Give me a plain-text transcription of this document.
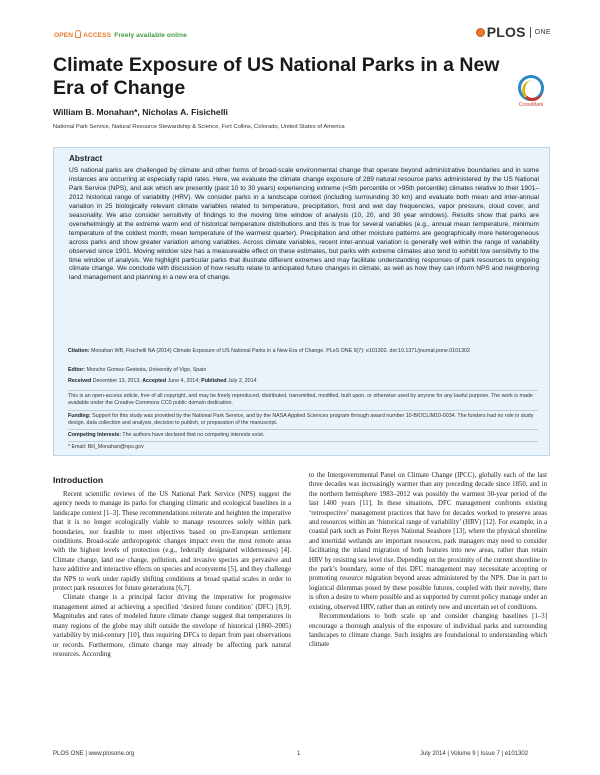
OPEN ACCESS Freely available online	PLOS ONE
Climate Exposure of US National Parks in a New Era of Change
CrossMark
William B. Monahan*, Nicholas A. Fisichelli
National Park Service, Natural Resource Stewardship & Science, Fort Collins, Colorado, United States of America
Abstract
US national parks are challenged by climate and other forms of broad-scale environmental change that operate beyond administrative boundaries and in some instances are occurring at especially rapid rates. Here, we evaluate the climate change exposure of 289 natural resource parks administered by the US National Park Service (NPS), and ask which are presently (past 10 to 30 years) experiencing extreme (<5th percentile or >95th percentile) climates relative to their 1901–2012 historical range of variability (HRV). We consider parks in a landscape context (including surrounding 30 km) and evaluate both mean and inter-annual variation in 25 biologically relevant climate variables related to temperature, precipitation, frost and wet day frequencies, vapor pressure, cloud cover, and seasonality. We also consider sensitivity of findings to the moving time window of analysis (10, 20, and 30 year windows). Results show that parks are overwhelmingly at the extreme warm end of historical temperature distributions and this is true for several variables (e.g., annual mean temperature, minimum temperature of the coldest month, mean temperature of the warmest quarter). Precipitation and other moisture patterns are geographically more heterogeneous across parks and show greater variation among variables. Across climate variables, recent inter-annual variation is generally well within the range of variability observed since 1901. Moving window size has a measureable effect on these estimates, but parks with extreme climates also tend to exhibit low sensitivity to the time window of analysis. We highlight particular parks that illustrate different extremes and may facilitate understanding responses of park resources to ongoing climate change. We conclude with discussion of how results relate to anticipated future changes in climate, as well as how they can inform NPS and neighboring land management and planning in a new era of change.
Citation: Monahan WB, Fisichelli NA (2014) Climate Exposure of US National Parks in a New Era of Change. PLoS ONE 9(7): e101302. doi:10.1371/journal.pone.0101302
Editor: Moncho Gomez-Gesteira, University of Vigo, Spain
Received December 13, 2013; Accepted June 4, 2014; Published July 2, 2014
This is an open-access article, free of all copyright, and may be freely reproduced, distributed, transmitted, modified, built upon, or otherwise used by anyone for any lawful purpose. The work is made available under the Creative Commons CC0 public domain dedication.
Funding: Support for this study was provided by the National Park Service, and by the NASA Applied Sciences program through award number 10-BIOCLIM10-0034. The funders had no role in study design, data collection and analysis, decision to publish, or preparation of the manuscript.
Competing Interests: The authors have declared that no competing interests exist.
* Email: Bill_Monahan@nps.gov
Introduction

Recent scientific reviews of the US National Park Service (NPS) suggest the agency needs to manage its parks for changing climatic and ecological baselines in a landscape context [1–3]. These recommendations reiterate and heighten the imperative that it is no longer ecologically viable to manage resources solely within park boundaries, nor feasible to meet objectives based on pre-European settlement conditions. Broad-scale anthropogenic changes impact even the most remote areas with the highest levels of protection (e.g., federally designated wildernesses) [4]. Climate change, land use change, pollution, and invasive species are pervasive and have additive and interactive effects on species and ecosystems [5], and they challenge the NPS to work under rapidly shifting conditions at broad spatial scales in order to protect park resources for future generations [6,7].

Climate change is a principal factor driving the imperative for progressive management aimed at achieving a specified ‘desired future condition’ (DFC) [8,9]. Magnitudes and rates of modeled future climate change suggest that temperatures in many regions of the globe may shift outside the envelope of historical (1860–2005) variability by mid-century [10], thus requiring DFCs to depart from past observations or records. Furthermore, climate change may already be affecting park natural resources. According

to the Intergovernmental Panel on Climate Change (IPCC), globally each of the last three decades was increasingly warmer than any preceding decade since 1850, and in the northern hemisphere 1983–2012 was possibly the warmest 30-year period of the last 1400 years [11]. In these situations, DFC management confronts existing ‘retrospective’ management practices that have for decades worked to preserve areas and resources within an ‘historical range of variability’ (HRV) [12]. For example, in a coastal park such as Point Reyes National Seashore [13], where the physical shoreline and intertidal wetlands are important resources, park managers may need to consider facilitating the inland migration of both features into new areas, rather than retain HRV by resisting sea level rise. Depending on the proximity of the current shoreline to the park’s boundary, some of this DFC management may necessitate accepting or promoting resource migration beyond areas administered by the NPS. Due in part to logistical dilemmas posed by these possible futures, coupled with their novelty, there is often a desire to where possible and as supported by current policy manage under an existing, observed HRV, rather than an entirely new and uncertain set of conditions.

Recommendations to both scale up and consider changing baselines [1–3] encourage a thorough analysis of the exposure of individual parks and surrounding landscapes to climate change. Such insights are foundational to understanding which climate

PLOS ONE | www.plosone.org	1	July 2014 | Volume 9 | Issue 7 | e101302
